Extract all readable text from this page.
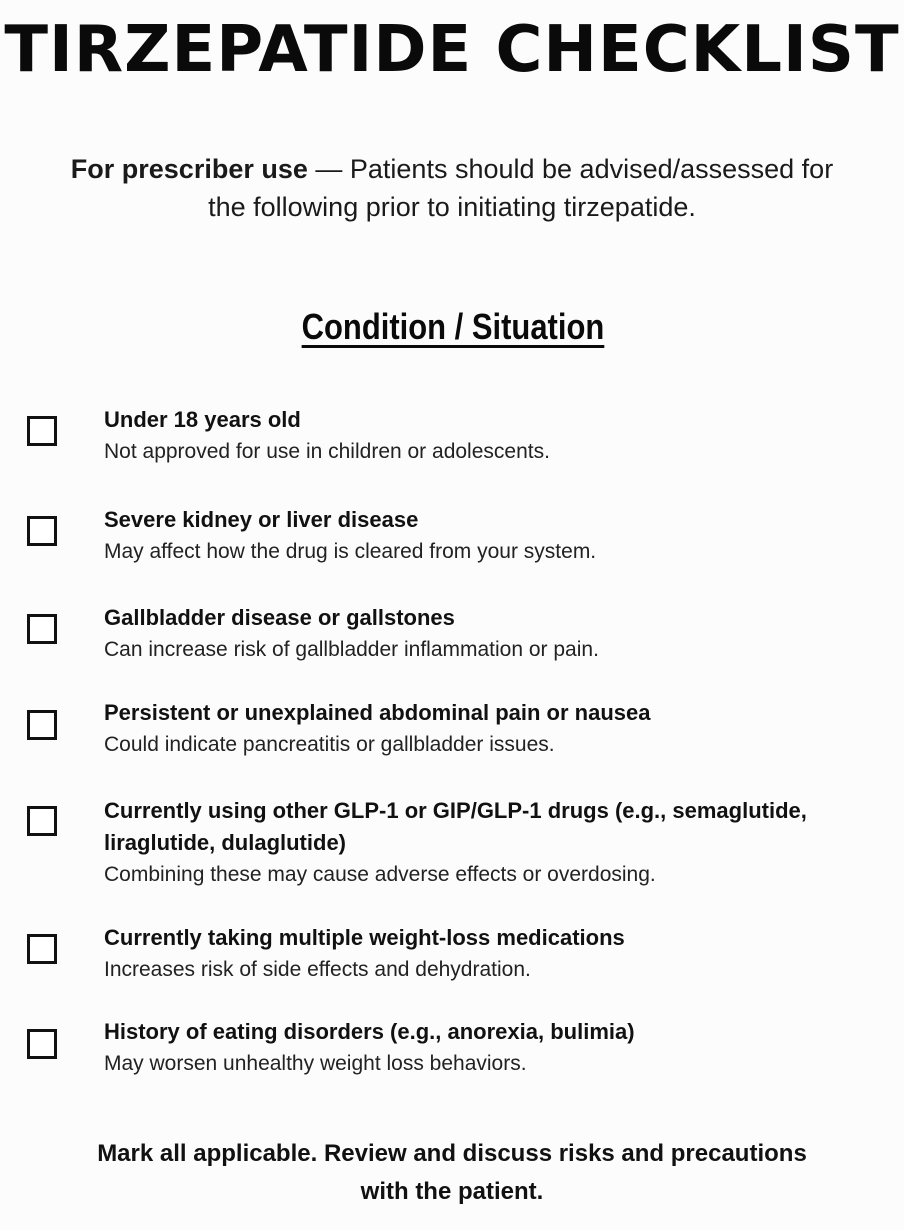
TIRZEPATIDE CHECKLIST
For prescriber use — Patients should be advised/assessed for
the following prior to initiating tirzepatide.
Condition / Situation
Under 18 years old
Not approved for use in children or adolescents.
Severe kidney or liver disease
May affect how the drug is cleared from your system.
Gallbladder disease or gallstones
Can increase risk of gallbladder inflammation or pain.
Persistent or unexplained abdominal pain or nausea
Could indicate pancreatitis or gallbladder issues.
Currently using other GLP-1 or GIP/GLP-1 drugs (e.g., semaglutide,
liraglutide, dulaglutide)
Combining these may cause adverse effects or overdosing.
Currently taking multiple weight-loss medications
Increases risk of side effects and dehydration.
History of eating disorders (e.g., anorexia, bulimia)
May worsen unhealthy weight loss behaviors.
Mark all applicable. Review and discuss risks and precautions
with the patient.
